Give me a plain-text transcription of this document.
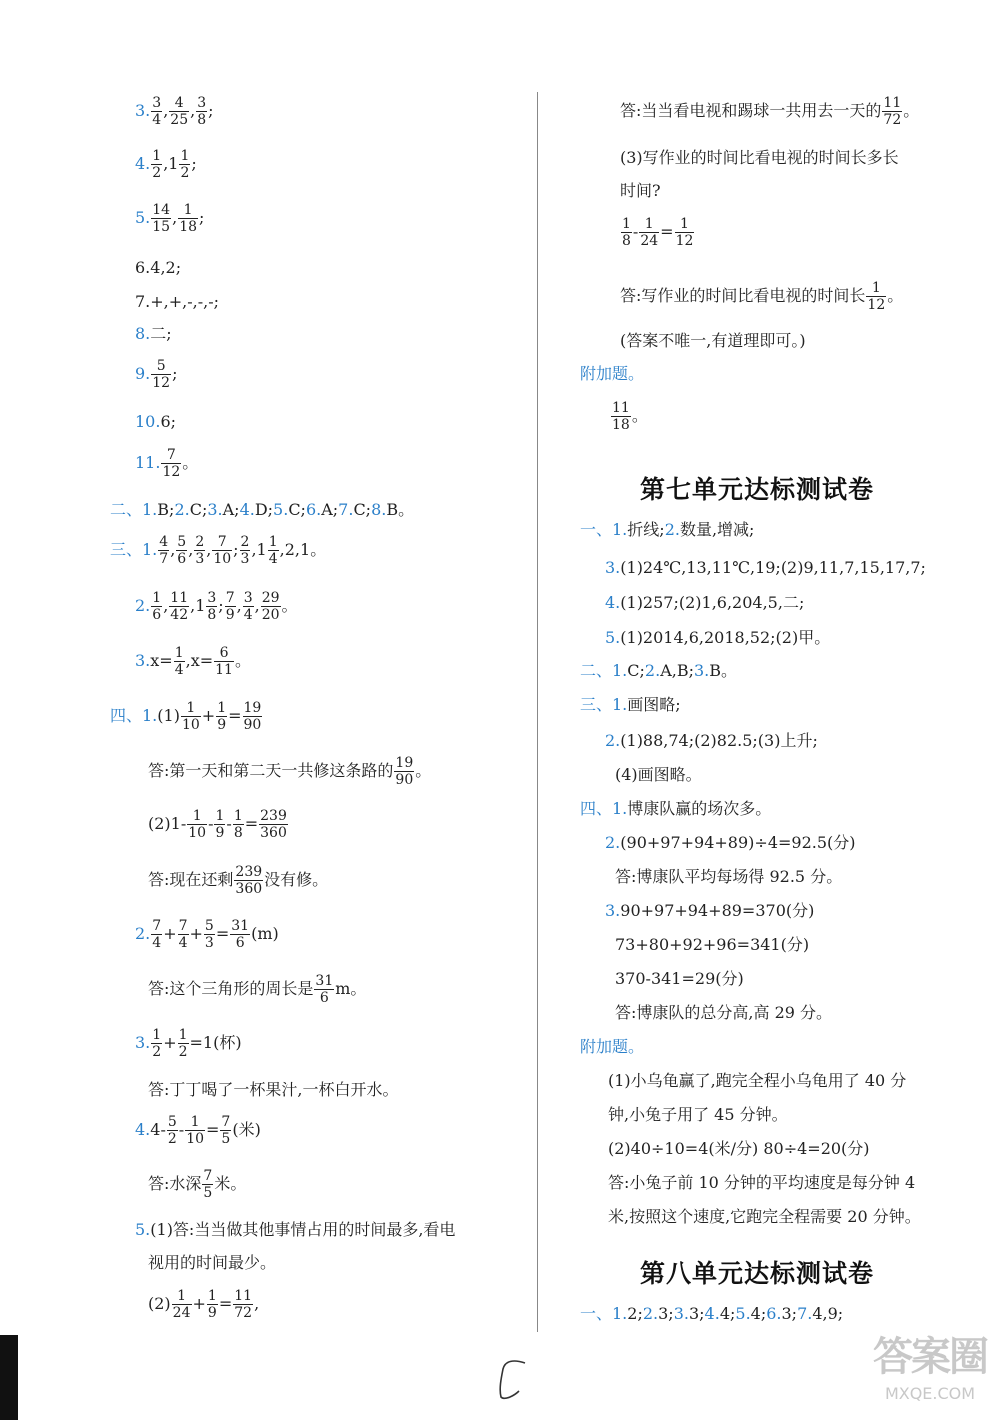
3. $\frac{3}{4}$ , $\frac{4}{25}$ , $\frac{3}{8}$ ;
4. $\frac{1}{2} ,1 \frac{1}{2}$ ;
5. $\frac{14}{15}$ , $\frac{1}{18}$ ;
6.4,2;
7.+,+,-,-,-;
8.二;
9. $\frac{5}{12}$ ;
10.6;
11. $\frac{7}{12}$ 。
二、1.B;2.C;3.A;4.D;5.C;6.A;7.C;8.B。
三、1. $\frac{4}{7}$ , $\frac{5}{6}$ , $\frac{2}{3}$ , $\frac{7}{10}$ ; $\frac{2}{3} ,1 \frac{1}{4} ,2,1$。
2. $\frac{1}{6}$ , $\frac{11}{42} ,1 \frac{3}{8}$ ; $\frac{7}{9}$ , $\frac{3}{4}$ , $\frac{29}{20}$ 。
$3.x= \frac{1}{4} ,x= \frac{6}{11}$ 。
四、$1.(1) \frac{1}{10} + \frac{1}{9} = \frac{19}{90}$
答:第一天和第二天一共修这条路的 $\frac{19}{90}$ 。
$(2)1- \frac{1}{10} - \frac{1}{9} - \frac{1}{8} = \frac{239}{360}$
答:现在还剩 $\frac{239}{360}$ 没有修。
2. $\frac{7}{4} + \frac{7}{4} + \frac{5}{3} = \frac{31}{6} (m)$
答:这个三角形的周长是 $\frac{31}{6}$ m。
3. $\frac{1}{2} + \frac{1}{2} =1$(杯)
答:丁丁喝了一杯果汁,一杯白开水。
$4.4- \frac{5}{2} - \frac{1}{10} = \frac{7}{5}$ (米)
答:水深 $\frac{7}{5}$ 米。
5.(1)答:当当做其他事情占用的时间最多,看电
视用的时间最少。
$(2) \frac{1}{24} + \frac{1}{9} = \frac{11}{72}$ ,
答:当当看电视和踢球一共用去一天的 $\frac{11}{72}$ 。
(3)写作业的时间比看电视的时间长多长
时间?
$\frac{1}{8} - \frac{1}{24} = \frac{1}{12}$
答:写作业的时间比看电视的时间长 $\frac{1}{12}$ 。
(答案不唯一,有道理即可。)
附加题。
$\frac{11}{18}$ 。
第七单元达标测试卷
一、1.折线;2.数量,增减;
3.(1)24℃,13,11℃,19;(2)9,11,7,15,17,7;
4.(1)257;(2)1,6,204,5,二;
5.(1)2014,6,2018,52;(2)甲。
二、1.C;2.A,B;3.B。
三、1.画图略;
2.(1)88,74;(2)82.5;(3)上升;
(4)画图略。
四、1.博康队赢的场次多。
2.(90+97+94+89)÷4=92.5(分)
答:博康队平均每场得 92.5 分。
3.90+97+94+89=370(分)
73+80+92+96=341(分)
370-341=29(分)
答:博康队的总分高,高 29 分。
附加题。
(1)小乌龟赢了,跑完全程小乌龟用了 40 分
钟,小兔子用了 45 分钟。
(2)40÷10=4(米/分) 80÷4=20(分)
答:小兔子前 10 分钟的平均速度是每分钟 4
米,按照这个速度,它跑完全程需要 20 分钟。
第八单元达标测试卷
一、1.2;2.3;3.3;4.4;5.4;6.3;7.4,9;
答案圈
MXQE.COM
